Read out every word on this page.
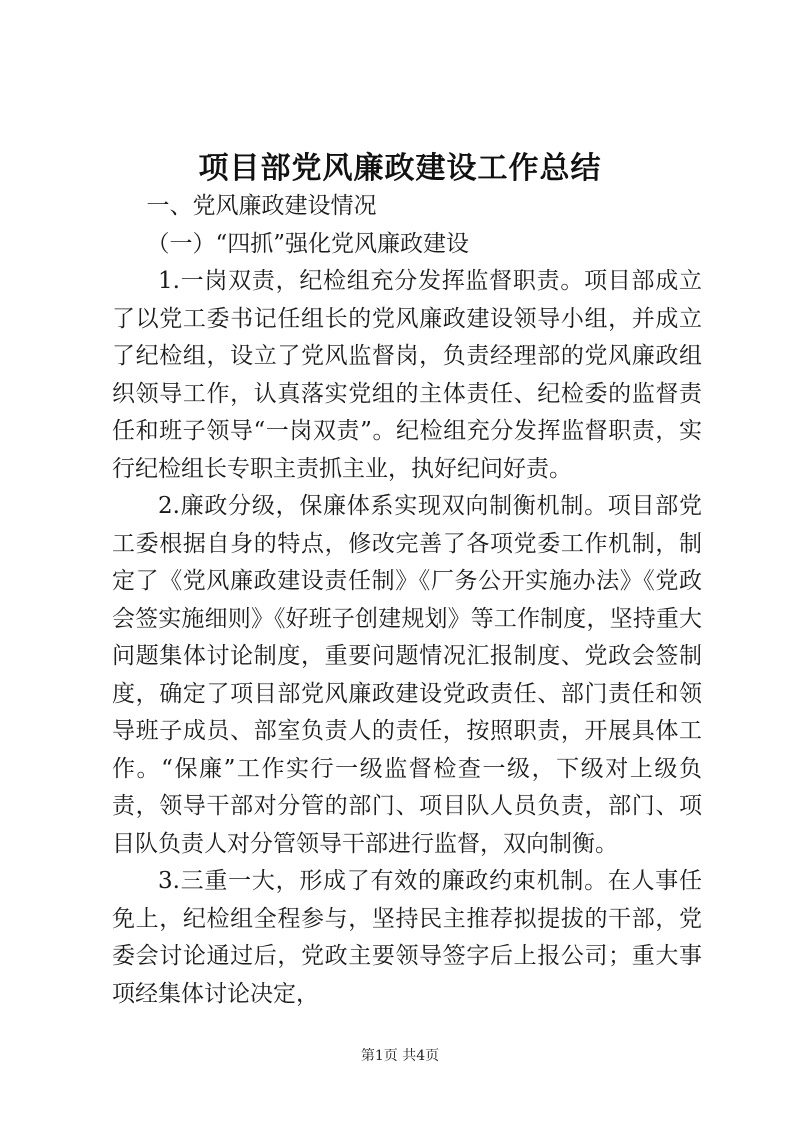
项目部党风廉政建设工作总结

一、党风廉政建设情况

（一）“四抓”强化党风廉政建设

1.一岗双责，纪检组充分发挥监督职责。项目部成立了以党工委书记任组长的党风廉政建设领导小组，并成立了纪检组，设立了党风监督岗，负责经理部的党风廉政组织领导工作，认真落实党组的主体责任、纪检委的监督责任和班子领导“一岗双责”。纪检组充分发挥监督职责，实行纪检组长专职主责抓主业，执好纪问好责。

2.廉政分级，保廉体系实现双向制衡机制。项目部党工委根据自身的特点，修改完善了各项党委工作机制，制定了《党风廉政建设责任制》《厂务公开实施办法》《党政会签实施细则》《好班子创建规划》等工作制度，坚持重大问题集体讨论制度，重要问题情况汇报制度、党政会签制度，确定了项目部党风廉政建设党政责任、部门责任和领导班子成员、部室负责人的责任，按照职责，开展具体工作。“保廉”工作实行一级监督检查一级，下级对上级负责，领导干部对分管的部门、项目队人员负责，部门、项目队负责人对分管领导干部进行监督，双向制衡。

3.三重一大，形成了有效的廉政约束机制。在人事任免上，纪检组全程参与，坚持民主推荐拟提拔的干部，党委会讨论通过后，党政主要领导签字后上报公司；重大事项经集体讨论决定，

第1页 共4页
